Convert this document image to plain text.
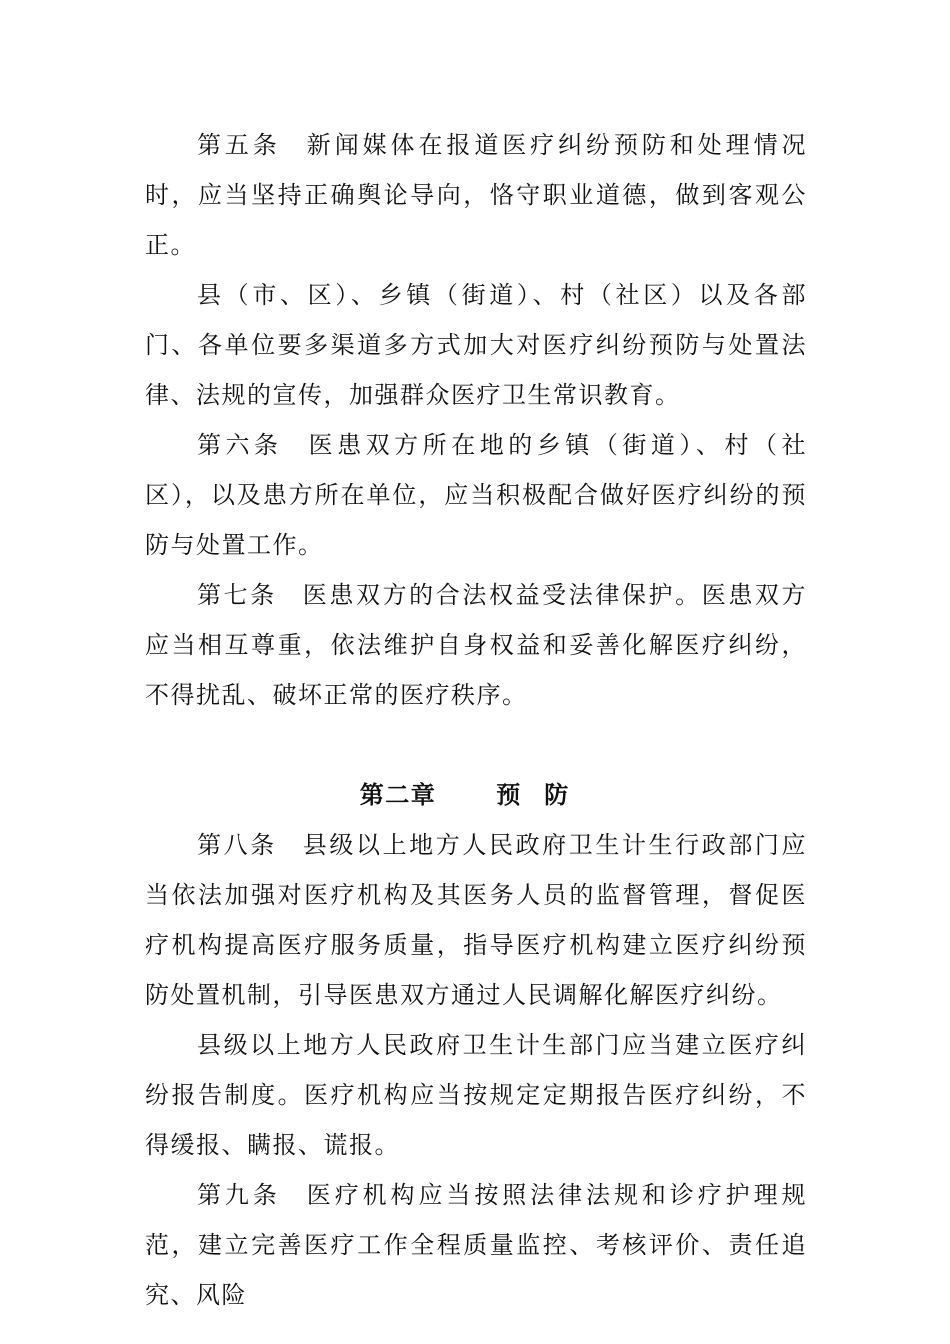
第五条 新闻媒体在报道医疗纠纷预防和处理情况时，应当坚持正确舆论导向，恪守职业道德，做到客观公正。

县（市、区）、乡镇（街道）、村（社区）以及各部门、各单位要多渠道多方式加大对医疗纠纷预防与处置法律、法规的宣传，加强群众医疗卫生常识教育。

第六条 医患双方所在地的乡镇（街道）、村（社区），以及患方所在单位，应当积极配合做好医疗纠纷的预防与处置工作。

第七条 医患双方的合法权益受法律保护。医患双方应当相互尊重，依法维护自身权益和妥善化解医疗纠纷，不得扰乱、破坏正常的医疗秩序。

第二章	预防

第八条 县级以上地方人民政府卫生计生行政部门应当依法加强对医疗机构及其医务人员的监督管理，督促医疗机构提高医疗服务质量，指导医疗机构建立医疗纠纷预防处置机制，引导医患双方通过人民调解化解医疗纠纷。

县级以上地方人民政府卫生计生部门应当建立医疗纠纷报告制度。医疗机构应当按规定定期报告医疗纠纷，不得缓报、瞒报、谎报。

第九条 医疗机构应当按照法律法规和诊疗护理规范，建立完善医疗工作全程质量监控、考核评价、责任追究、风险
